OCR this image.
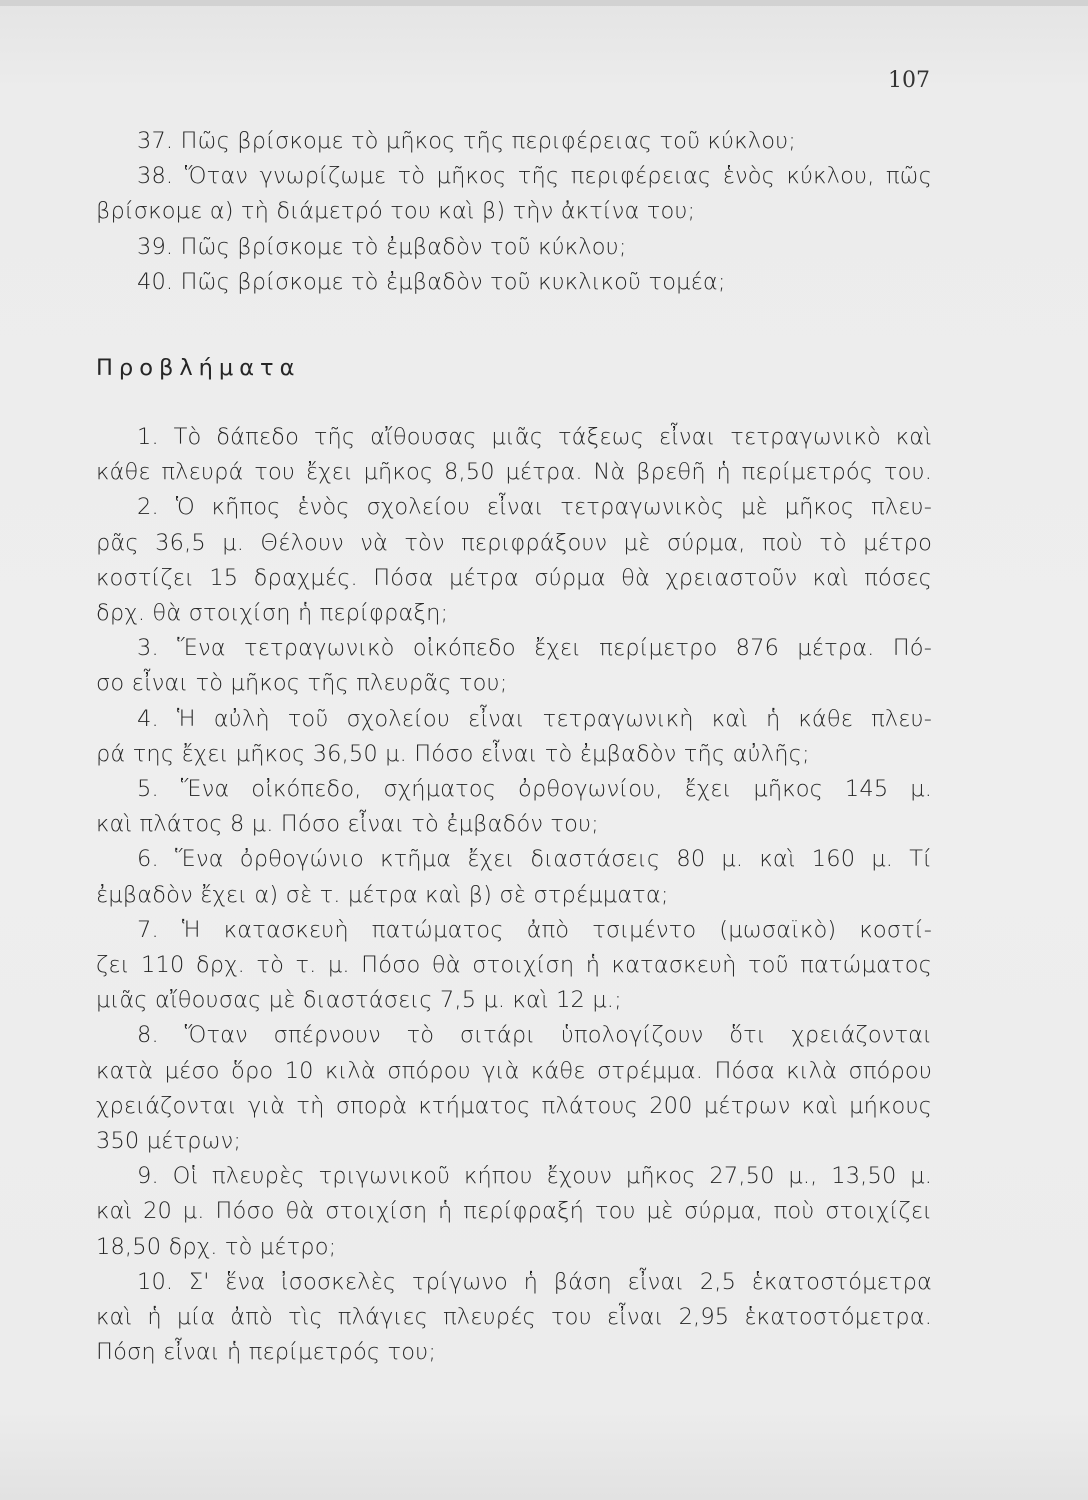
107
37. Πῶς βρίσκομε τὸ μῆκος τῆς περιφέρειας τοῦ κύκλου;
38. Ὅταν γνωρίζωμε τὸ μῆκος τῆς περιφέρειας ἑνὸς κύκλου, πῶς
βρίσκομε α) τὴ διάμετρό του καὶ β) τὴν ἀκτίνα του;
39. Πῶς βρίσκομε τὸ ἐμβαδὸν τοῦ κύκλου;
40. Πῶς βρίσκομε τὸ ἐμβαδὸν τοῦ κυκλικοῦ τομέα;
Προβλήματα
1. Τὸ δάπεδο τῆς αἴθουσας μιᾶς τάξεως εἶναι τετραγωνικὸ καὶ
κάθε πλευρά του ἔχει μῆκος 8,50 μέτρα. Νὰ βρεθῆ ἡ περίμετρός του.
2. Ὁ κῆπος ἑνὸς σχολείου εἶναι τετραγωνικὸς μὲ μῆκος πλευ-
ρᾶς 36,5 μ. Θέλουν νὰ τὸν περιφράξουν μὲ σύρμα, ποὺ τὸ μέτρο
κοστίζει 15 δραχμές. Πόσα μέτρα σύρμα θὰ χρειαστοῦν καὶ πόσες
δρχ. θὰ στοιχίση ἡ περίφραξη;
3. Ἕνα τετραγωνικὸ οἰκόπεδο ἔχει περίμετρο 876 μέτρα. Πό-
σο εἶναι τὸ μῆκος τῆς πλευρᾶς του;
4. Ἡ αὐλὴ τοῦ σχολείου εἶναι τετραγωνικὴ καὶ ἡ κάθε πλευ-
ρά της ἔχει μῆκος 36,50 μ. Πόσο εἶναι τὸ ἐμβαδὸν τῆς αὐλῆς;
5. Ἕνα οἰκόπεδο, σχήματος ὀρθογωνίου, ἔχει μῆκος 145 μ.
καὶ πλάτος 8 μ. Πόσο εἶναι τὸ ἐμβαδόν του;
6. Ἕνα ὀρθογώνιο κτῆμα ἔχει διαστάσεις 80 μ. καὶ 160 μ. Τί
ἐμβαδὸν ἔχει α) σὲ τ. μέτρα καὶ β) σὲ στρέμματα;
7. Ἡ κατασκευὴ πατώματος ἀπὸ τσιμέντο (μωσαϊκὸ) κοστί-
ζει 110 δρχ. τὸ τ. μ. Πόσο θὰ στοιχίση ἡ κατασκευὴ τοῦ πατώματος
μιᾶς αἴθουσας μὲ διαστάσεις 7,5 μ. καὶ 12 μ.;
8. Ὅταν σπέρνουν τὸ σιτάρι ὑπολογίζουν ὅτι χρειάζονται
κατὰ μέσο ὅρο 10 κιλὰ σπόρου γιὰ κάθε στρέμμα. Πόσα κιλὰ σπόρου
χρειάζονται γιὰ τὴ σπορὰ κτήματος πλάτους 200 μέτρων καὶ μήκους
350 μέτρων;
9. Οἱ πλευρὲς τριγωνικοῦ κήπου ἔχουν μῆκος 27,50 μ., 13,50 μ.
καὶ 20 μ. Πόσο θὰ στοιχίση ἡ περίφραξή του μὲ σύρμα, ποὺ στοιχίζει
18,50 δρχ. τὸ μέτρο;
10. Σ' ἕνα ἰσοσκελὲς τρίγωνο ἡ βάση εἶναι 2,5 ἑκατοστόμετρα
καὶ ἡ μία ἀπὸ τὶς πλάγιες πλευρές του εἶναι 2,95 ἑκατοστόμετρα.
Πόση εἶναι ἡ περίμετρός του;
